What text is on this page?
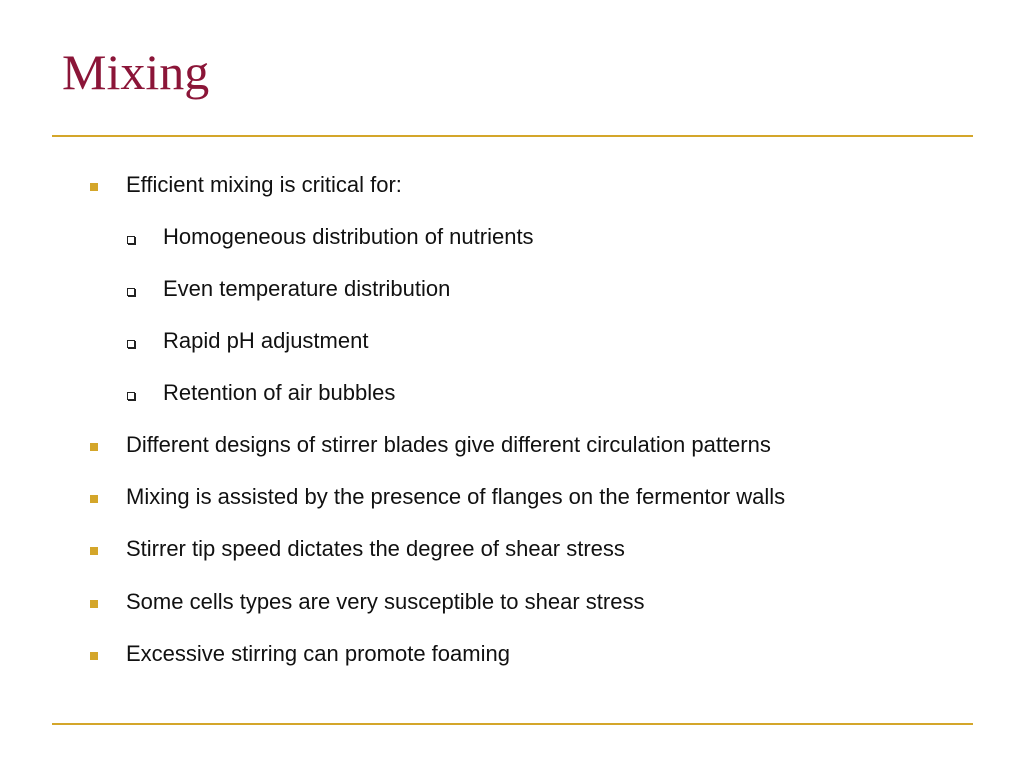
Mixing
Efficient mixing is critical for:
Homogeneous distribution of nutrients
Even temperature distribution
Rapid pH adjustment
Retention of air bubbles
Different designs of stirrer blades give different circulation patterns
Mixing is assisted by the presence of flanges on the fermentor walls
Stirrer tip speed dictates the degree of shear stress
Some cells types are very susceptible to shear stress
Excessive stirring can promote foaming
